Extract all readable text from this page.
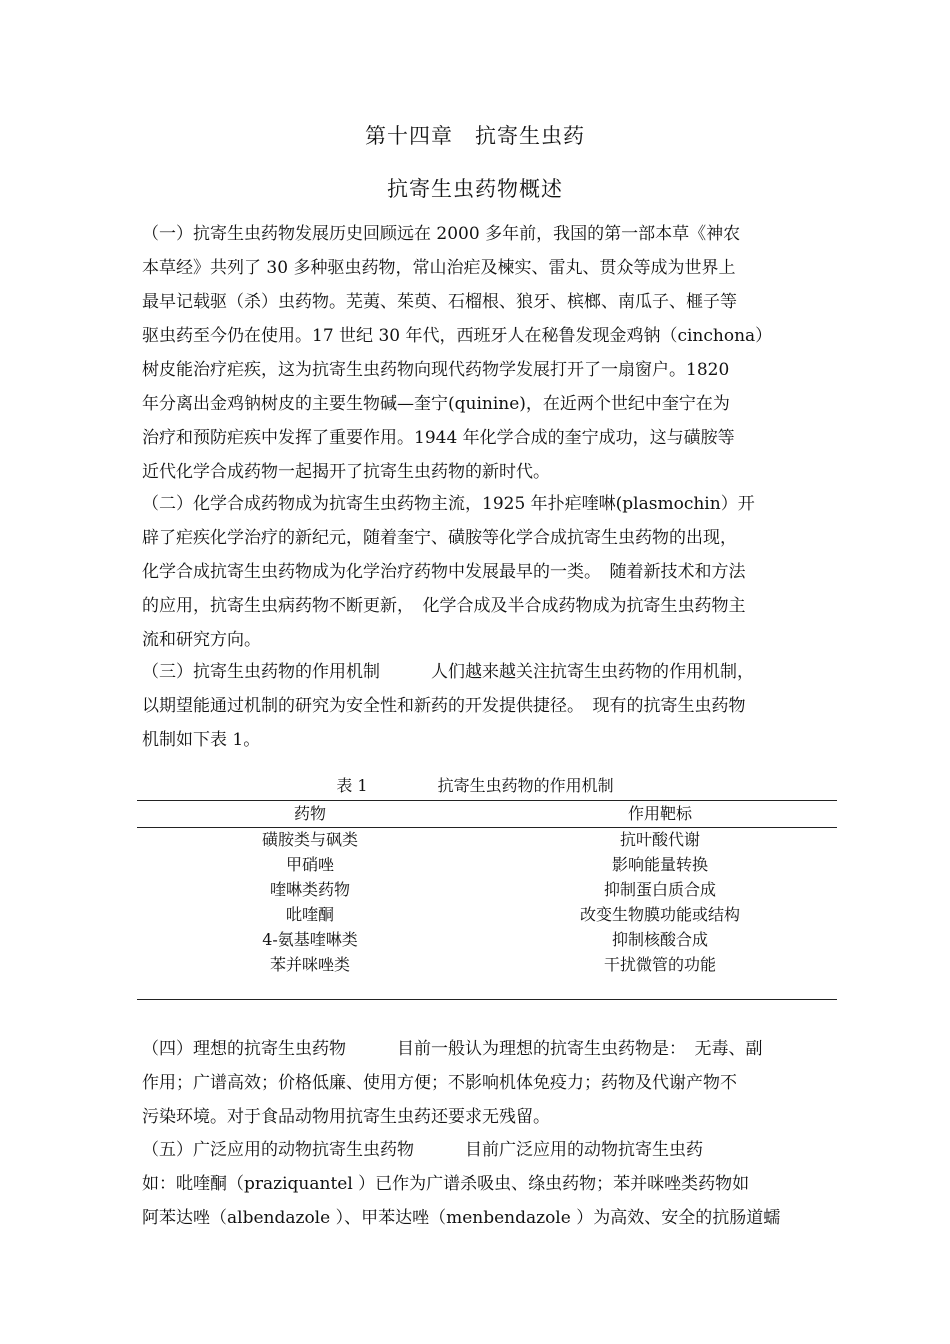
第十四章　抗寄生虫药
抗寄生虫药物概述
（一）抗寄生虫药物发展历史回顾远在 2000 多年前，我国的第一部本草《神农
本草经》共列了 30 多种驱虫药物，常山治疟及楝实、雷丸、贯众等成为世界上
最早记载驱（杀）虫药物。芜荑、茱萸、石榴根、狼牙、槟榔、南瓜子、榧子等
驱虫药至今仍在使用。17 世纪 30 年代，西班牙人在秘鲁发现金鸡钠（cinchona）
树皮能治疗疟疾，这为抗寄生虫药物向现代药物学发展打开了一扇窗户。1820
年分离出金鸡钠树皮的主要生物碱—奎宁(quinine)，在近两个世纪中奎宁在为
治疗和预防疟疾中发挥了重要作用。1944 年化学合成的奎宁成功，这与磺胺等
近代化学合成药物一起揭开了抗寄生虫药物的新时代。
（二）化学合成药物成为抗寄生虫药物主流，1925 年扑疟喹啉(plasmochin）开
辟了疟疾化学治疗的新纪元，随着奎宁、磺胺等化学合成抗寄生虫药物的出现，
化学合成抗寄生虫药物成为化学治疗药物中发展最早的一类。　随着新技术和方法
的应用，抗寄生虫病药物不断更新，　化学合成及半合成药物成为抗寄生虫药物主
流和研究方向。
（三）抗寄生虫药物的作用机制　　　人们越来越关注抗寄生虫药物的作用机制，
以期望能通过机制的研究为安全性和新药的开发提供捷径。　现有的抗寄生虫药物
机制如下表 1。
表 1	抗寄生虫药物的作用机制
药物	作用靶标
磺胺类与砜类	抗叶酸代谢
甲硝唑	影响能量转换
喹啉类药物	抑制蛋白质合成
吡喹酮	改变生物膜功能或结构
4-氨基喹啉类	抑制核酸合成
苯并咪唑类	干扰微管的功能
（四）理想的抗寄生虫药物　　　目前一般认为理想的抗寄生虫药物是：　无毒、副
作用；广谱高效；价格低廉、使用方便；不影响机体免疫力；药物及代谢产物不
污染环境。对于食品动物用抗寄生虫药还要求无残留。
（五）广泛应用的动物抗寄生虫药物　　　目前广泛应用的动物抗寄生虫药
如：吡喹酮（praziquantel ）已作为广谱杀吸虫、绦虫药物；苯并咪唑类药物如
阿苯达唑（albendazole ）、甲苯达唑（menbendazole ）为高效、安全的抗肠道蠕
